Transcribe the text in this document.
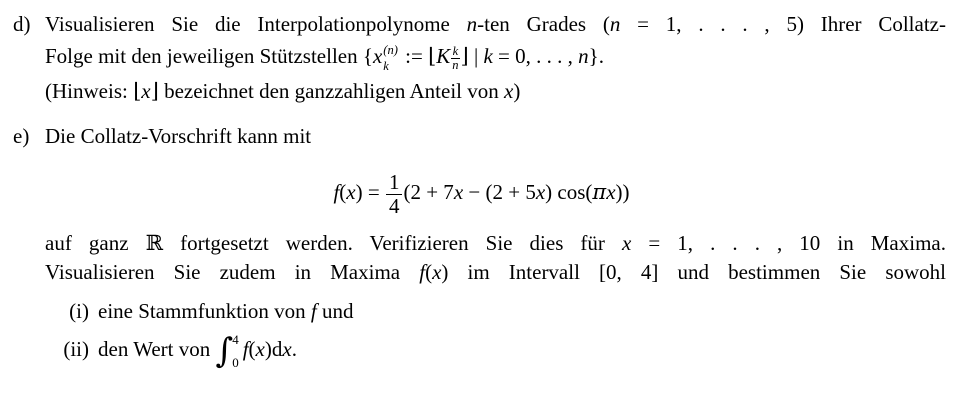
d) Visualisieren Sie die Interpolationpolynome n-ten Grades (n = 1, . . . , 5) Ihrer Collatz-
Folge mit den jeweiligen Stützstellen {x (n)
k := ⌊K $\frac{k}{n}$ ⌋ | k = 0, . . . , n}.
(Hinweis: ⌊x⌋ bezeichnet den ganzzahligen Anteil von x)
e) Die Collatz-Vorschrift kann mit
$f(x) = \frac{1}{4} (2 + 7x - (2 + 5x)$ cos(πx))
auf ganz ℝ fortgesetzt werden. Verifizieren Sie dies für x = 1, . . . , 10 in Maxima.
Visualisieren Sie zudem in Maxima f(x) im Intervall [0, 4] und bestimmen Sie sowohl
(i) eine Stammfunktion von f und
(ii) den Wert von ∫ 4
0
f(x)dx.
